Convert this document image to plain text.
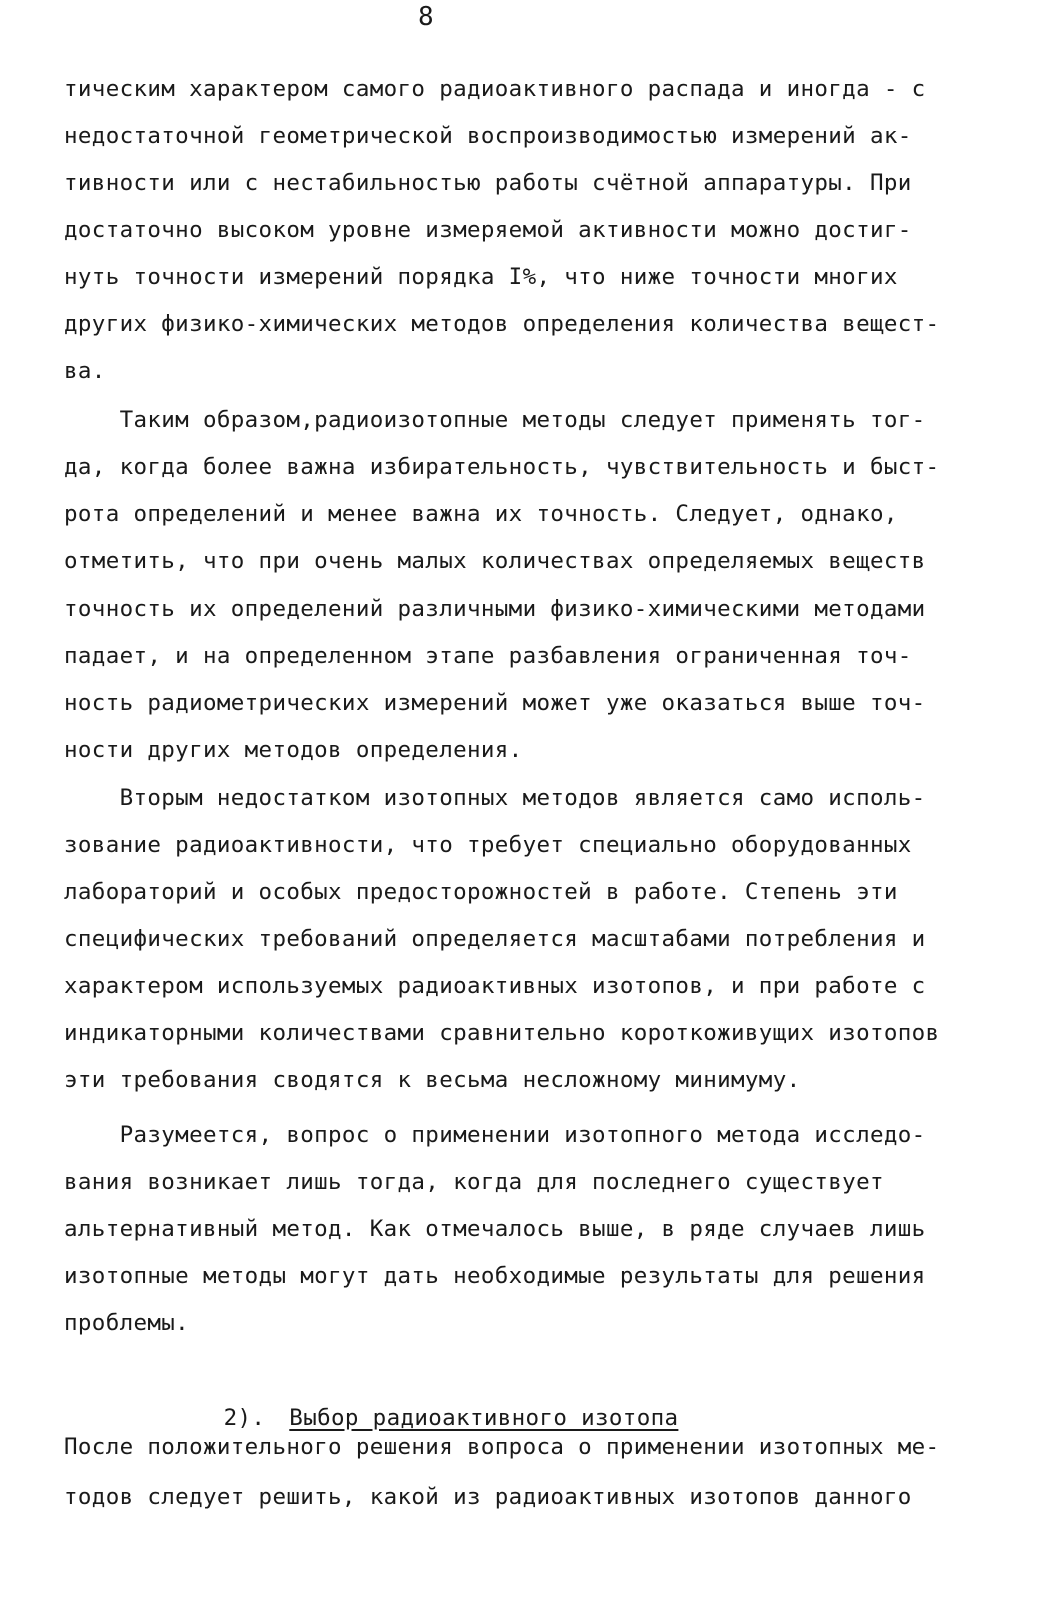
8
тическим характером самого радиоактивного распада и иногда - с
недостаточной геометрической воспроизводимостью измерений ак-
тивности или с нестабильностью работы счётной аппаратуры. При
достаточно высоком уровне измеряемой активности можно достиг-
нуть точности измерений порядка I%, что ниже точности многих
других физико-химических методов определения количества вещест-
ва.
Таким образом,радиоизотопные методы следует применять тог-
да, когда более важна избирательность, чувствительность и быст-
рота определений и менее важна их точность. Следует, однако,
отметить, что при очень малых количествах определяемых веществ
точность их определений различными физико-химическими методами
падает, и на определенном этапе разбавления ограниченная точ-
ность радиометрических измерений может уже оказаться выше точ-
ности других методов определения.
Вторым недостатком изотопных методов является само исполь-
зование радиоактивности, что требует специально оборудованных
лабораторий и особых предосторожностей в работе. Степень эти
специфических требований определяется масштабами потребления и
характером используемых радиоактивных изотопов, и при работе с
индикаторными количествами сравнительно короткоживущих изотопов
эти требования сводятся к весьма несложному минимуму.
Разумеется, вопрос о применении изотопного метода исследо-
вания возникает лишь тогда, когда для последнего существует
альтернативный метод. Как отмечалось выше, в ряде случаев лишь
изотопные методы могут дать необходимые результаты для решения
проблемы.

2). Выбор радиоактивного изотопа

После положительного решения вопроса о применении изотопных ме-
тодов следует решить, какой из радиоактивных изотопов данного
